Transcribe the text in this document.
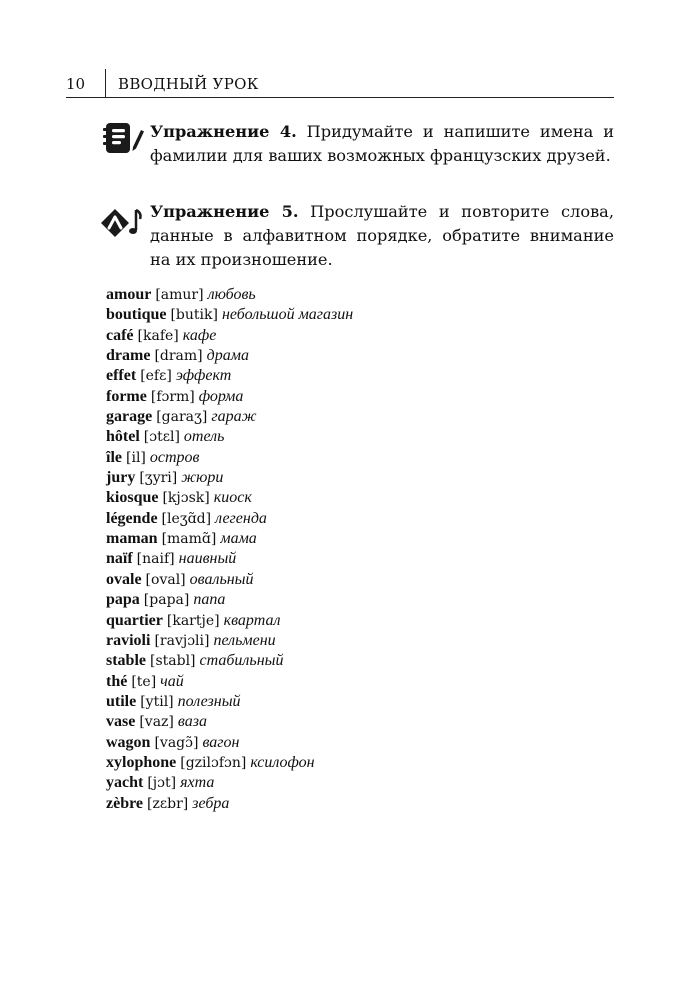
10 ВВОДНЫЙ УРОК
Упражнение 4. Придумайте и напишите имена и фамилии для ваших возможных французских друзей.
Упражнение 5. Прослушайте и повторите слова, данные в алфавитном порядке, обратите внимание на их произношение.
amour [amur] любовь
boutique [butik] небольшой магазин
café [kafe] кафе
drame [dram] драма
effet [efɛ] эффект
forme [fɔrm] форма
garage [garaʒ] гараж
hôtel [ɔtɛl] отель
île [il] остров
jury [ʒyri] жюри
kiosque [kjɔsk] киоск
légende [leʒɑ̃d] легенда
maman [mamɑ̃] мама
naïf [naif] наивный
ovale [oval] овальный
papa [papa] папа
quartier [kartje] квартал
ravioli [ravjɔli] пельмени
stable [stabl] стабильный
thé [te] чай
utile [ytil] полезный
vase [vaz] ваза
wagon [vagɔ̃] вагон
xylophone [gzilɔfɔn] ксилофон
yacht [jɔt] яхта
zèbre [zɛbr] зебра
